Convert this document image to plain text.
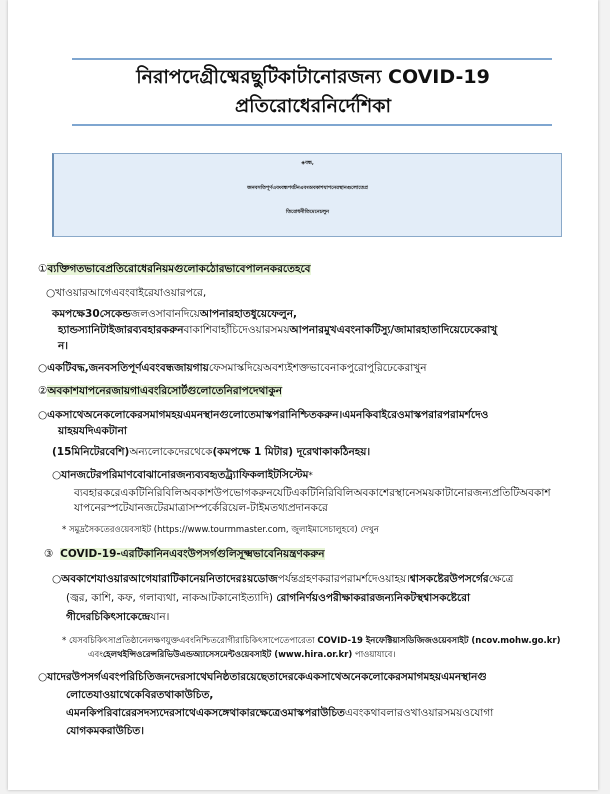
নিরাপদেগ্রীষ্মেরছুটিকাটানোরজন্য COVID-19
প্রতিরোধেরনির্দেশিকা
◈বন্ধ,
জনবসতিপূর্ণএবংবন্ধপর্যটনএবংঅবকাশযাপনেরস্থানগুলোতেপ্র
তিরোধনীতিমেনেচলুন
①ব্যক্তিগতভাবেপ্রতিরোধেরনিয়মগুলোকঠোরভাবেপালনকরতেহবে
○খাওয়ারআগেএবংবাইরেযাওয়ারপরে,
কমপক্ষে30সেকেন্ডজলওসাবানদিয়েআপনারহাতধুয়েফেলুন,
হ্যান্ডস্যানিটাইজারব্যবহারকরুনবাকাশিবাহাঁচিদেওয়ারসময়আপনারমুখএবংনাকটিস্যু/জামারহাতাদিয়েঢেকেরাখু
ন।
○একটিবদ্ধ,জনবসতিপূর্ণএবংবন্ধজায়গায়ফেসমাস্কদিয়েঅবশ্যইশক্তভাবেনাকপুরোপুরিঢেকেরাখুন
②অবকাশযাপনেরজায়গাএবংরিসোর্টগুলোতেনিরাপদেথাকুন
○একসাথেঅনেকলোকেরসমাগমহয়এমনস্থানগুলোতেমাস্কপরানিশ্চিতকরুন।এমনকিবাইরেওমাস্কপরারপরামর্শদেও
য়াহয়যদিএকটানা
(15মিনিটেরবেশি)অন্যলোকেদেরথেকে(কমপক্ষে 1 মিটার) দূরেথাকাকঠিনহয়।
○যানজটেরপরিমাণবোঝানোরজন্যব্যবহৃতট্র্যাফিকলাইটসিস্টেম*
ব্যবহারকরেএকটিনিরিবিলিঅবকাশউপভোগকরুনযেটিএকটিনিরিবিলিঅবকাশেরস্থানেসময়কাটানোরজন্যপ্রতিটিঅবকাশ
যাপনেরস্পটেযানজটেরমাত্রাসম্পর্কেরিয়েল-টাইমতথ্যপ্রদানকরে
* সমুদ্রসৈকতেরওয়েবসাইট (https://www.tourmmaster.com, জুলাইমাসেচালুহবে) দেখুন
③ COVID-19-এরটিকানিনএবংউপসর্গগুলিসূক্ষ্মভাবেনিয়ন্ত্রণকরুন
○অবকাশেযাওয়ারআগেযারাটিকানেয়নিতাদেরঃয়ডোজপর্যন্তগ্রহণকরারপরামর্শদেওয়াহয়।শ্বাসকষ্টেরউপসর্গেরক্ষেত্রে
(জ্বর, কাশি, কফ, গলাব্যথা, নাকআটকানোইত্যাদি) রোগনির্ণয়ওপরীক্ষাকরারজন্যনিকটস্থশ্বাসকষ্টেরো
গীদেরচিকিৎসাকেন্দ্রেযান।
* যেসবচিকিৎসাপ্রতিষ্ঠানেলক্ষণযুক্তএবংনিশ্চিতরোগীরাচিকিৎসাপেতেপারেতা COVID-19 ইনফেক্টিয়াসডিজিজওয়েবসাইট (ncov.mohw.go.kr)
এবংহেলথইন্সিওরেন্সরিভিউএন্ডঅ্যাসেসমেন্টওয়েবসাইট (www.hira.or.kr) পাওয়াযাবে।
○যাদেরউপসর্গএবংপরিচিতিজনদেরসাথেঘনিষ্ঠতারয়েছেতাদেরকেএকসাথেঅনেকলোকেরসমাগমহয়এমনস্থানগু
লোতেযাওয়াথেকেবিরতথাকাউচিত,
এমনকিপরিবারেরসদস্যদেরসাথেএকসঙ্গেথাকারক্ষেত্রেওমাস্কপরাউচিতএবংকথাবলারওখাওয়ারসময়ওযোগা
যোগকমকরাউচিত।
